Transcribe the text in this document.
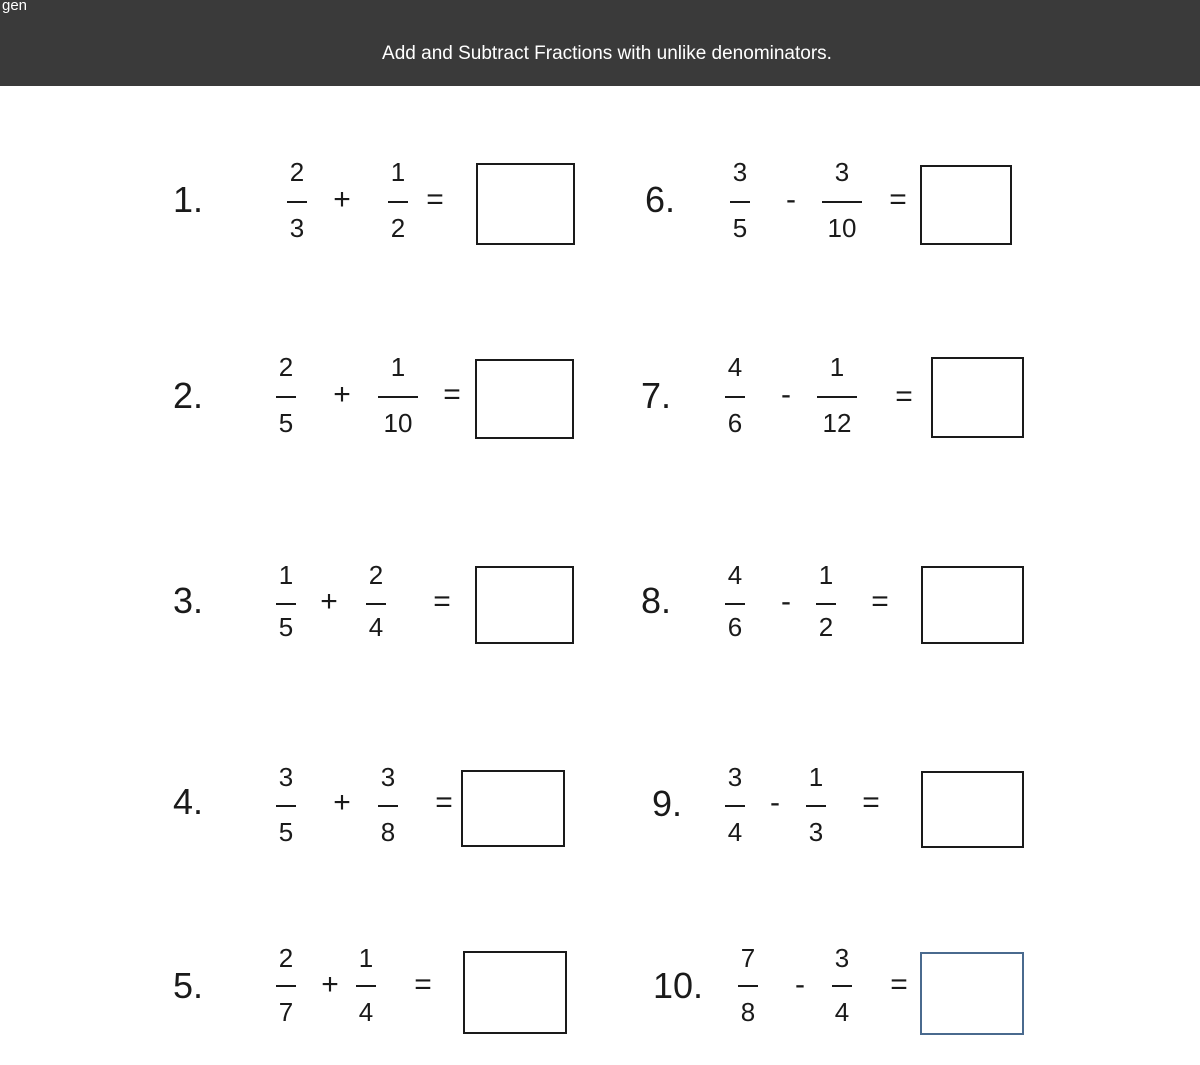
gen
Add and Subtract Fractions with unlike denominators.
1.
2
3
+
1
2
=
2.
2
5
+
1
10
=
3.
1
5
+
2
4
=
4.
3
5
+
3
8
=
5.
2
7
+
1
4
=
6.
3
5
-
3
10
=
7.
4
6
-
1
12
=
8.
4
6
-
1
2
=
9.
3
4
-
1
3
=
10.
7
8
-
3
4
=
